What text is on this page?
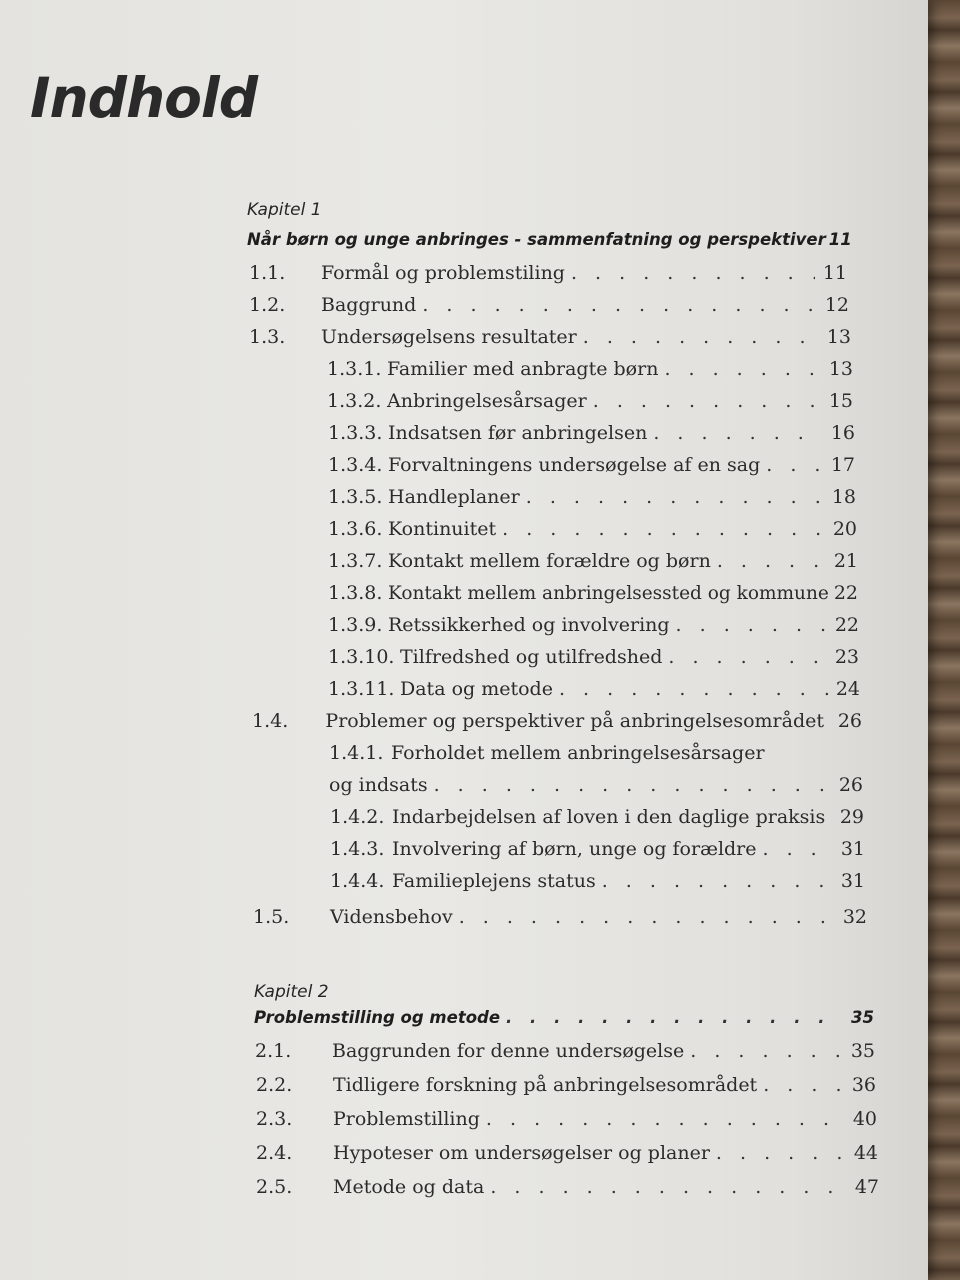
Indhold
Kapitel 1
Når børn og unge anbringes - sammenfatning og perspektiver 11
1.1.	Formål og problemstiling . . .	11
1.2.	Baggrund . . .	12
1.3.	Undersøgelsens resultater . . .	13
1.3.1. Familier med anbragte børn . . .	13
1.3.2. Anbringelsesårsager . . .	15
1.3.3. Indsatsen før anbringelsen . . .	16
1.3.4. Forvaltningens undersøgelse af en sag . . .	17
1.3.5. Handleplaner . . .	18
1.3.6. Kontinuitet . . .	20
1.3.7. Kontakt mellem forældre og børn . . .	21
1.3.8. Kontakt mellem anbringelsessted og kommune 22
1.3.9. Retssikkerhed og involvering . . .	22
1.3.10. Tilfredshed og utilfredshed . . .	23
1.3.11. Data og metode . . .	24
1.4.	Problemer og perspektiver på anbringelsesområdet 26
1.4.1. Forholdet mellem anbringelsesårsager
og indsats . . .	26
1.4.2. Indarbejdelsen af loven i den daglige praksis 29
1.4.3. Involvering af børn, unge og forældre . . .	31
1.4.4. Familieplejens status . . .	31
1.5.	Vidensbehov . . .	32
Kapitel 2
Problemstilling og metode . . .	35
2.1.	Baggrunden for denne undersøgelse . . .	35
2.2.	Tidligere forskning på anbringelsesområdet . . .	36
2.3.	Problemstilling . . .	40
2.4.	Hypoteser om undersøgelser og planer . . .	44
2.5.	Metode og data . . .	47
